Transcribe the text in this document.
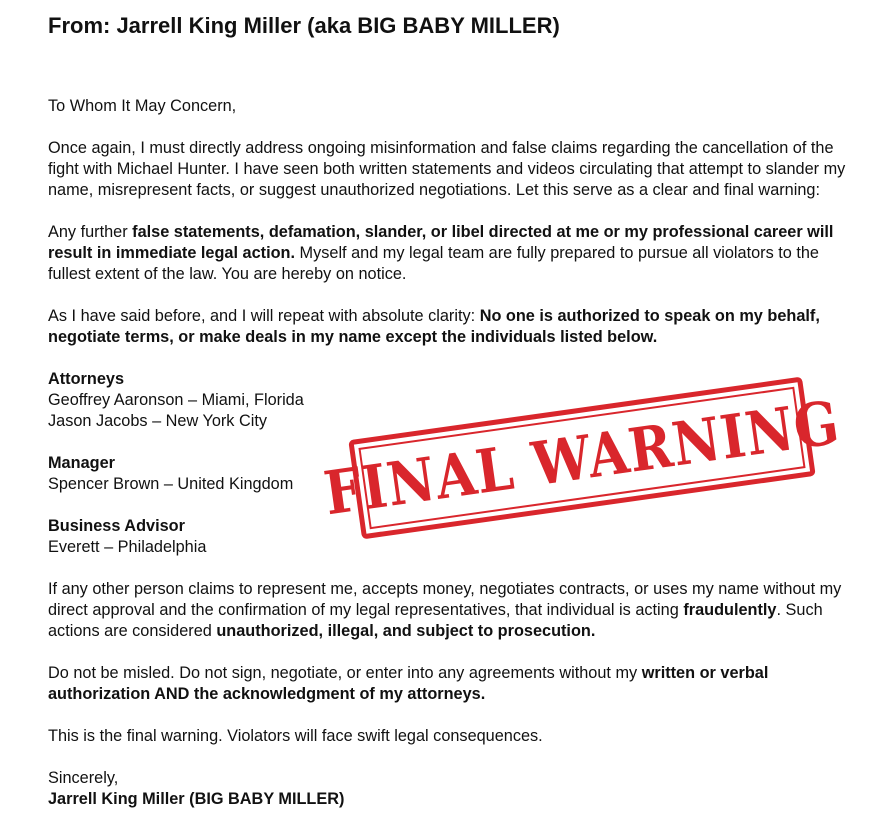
From: Jarrell King Miller (aka BIG BABY MILLER)

To Whom It May Concern,

Once again, I must directly address ongoing misinformation and false claims regarding the cancellation of the fight with Michael Hunter. I have seen both written statements and videos circulating that attempt to slander my name, misrepresent facts, or suggest unauthorized negotiations. Let this serve as a clear and final warning:

Any further false statements, defamation, slander, or libel directed at me or my professional career will result in immediate legal action. Myself and my legal team are fully prepared to pursue all violators to the fullest extent of the law. You are hereby on notice.

As I have said before, and I will repeat with absolute clarity: No one is authorized to speak on my behalf, negotiate terms, or make deals in my name except the individuals listed below.

Attorneys
Geoffrey Aaronson – Miami, Florida
Jason Jacobs – New York City

Manager
Spencer Brown – United Kingdom

Business Advisor
Everett – Philadelphia

If any other person claims to represent me, accepts money, negotiates contracts, or uses my name without my direct approval and the confirmation of my legal representatives, that individual is acting fraudulently. Such actions are considered unauthorized, illegal, and subject to prosecution.

Do not be misled. Do not sign, negotiate, or enter into any agreements without my written or verbal authorization AND the acknowledgment of my attorneys.

This is the final warning. Violators will face swift legal consequences.

Sincerely,
Jarrell King Miller (BIG BABY MILLER)

FINAL WARNING
